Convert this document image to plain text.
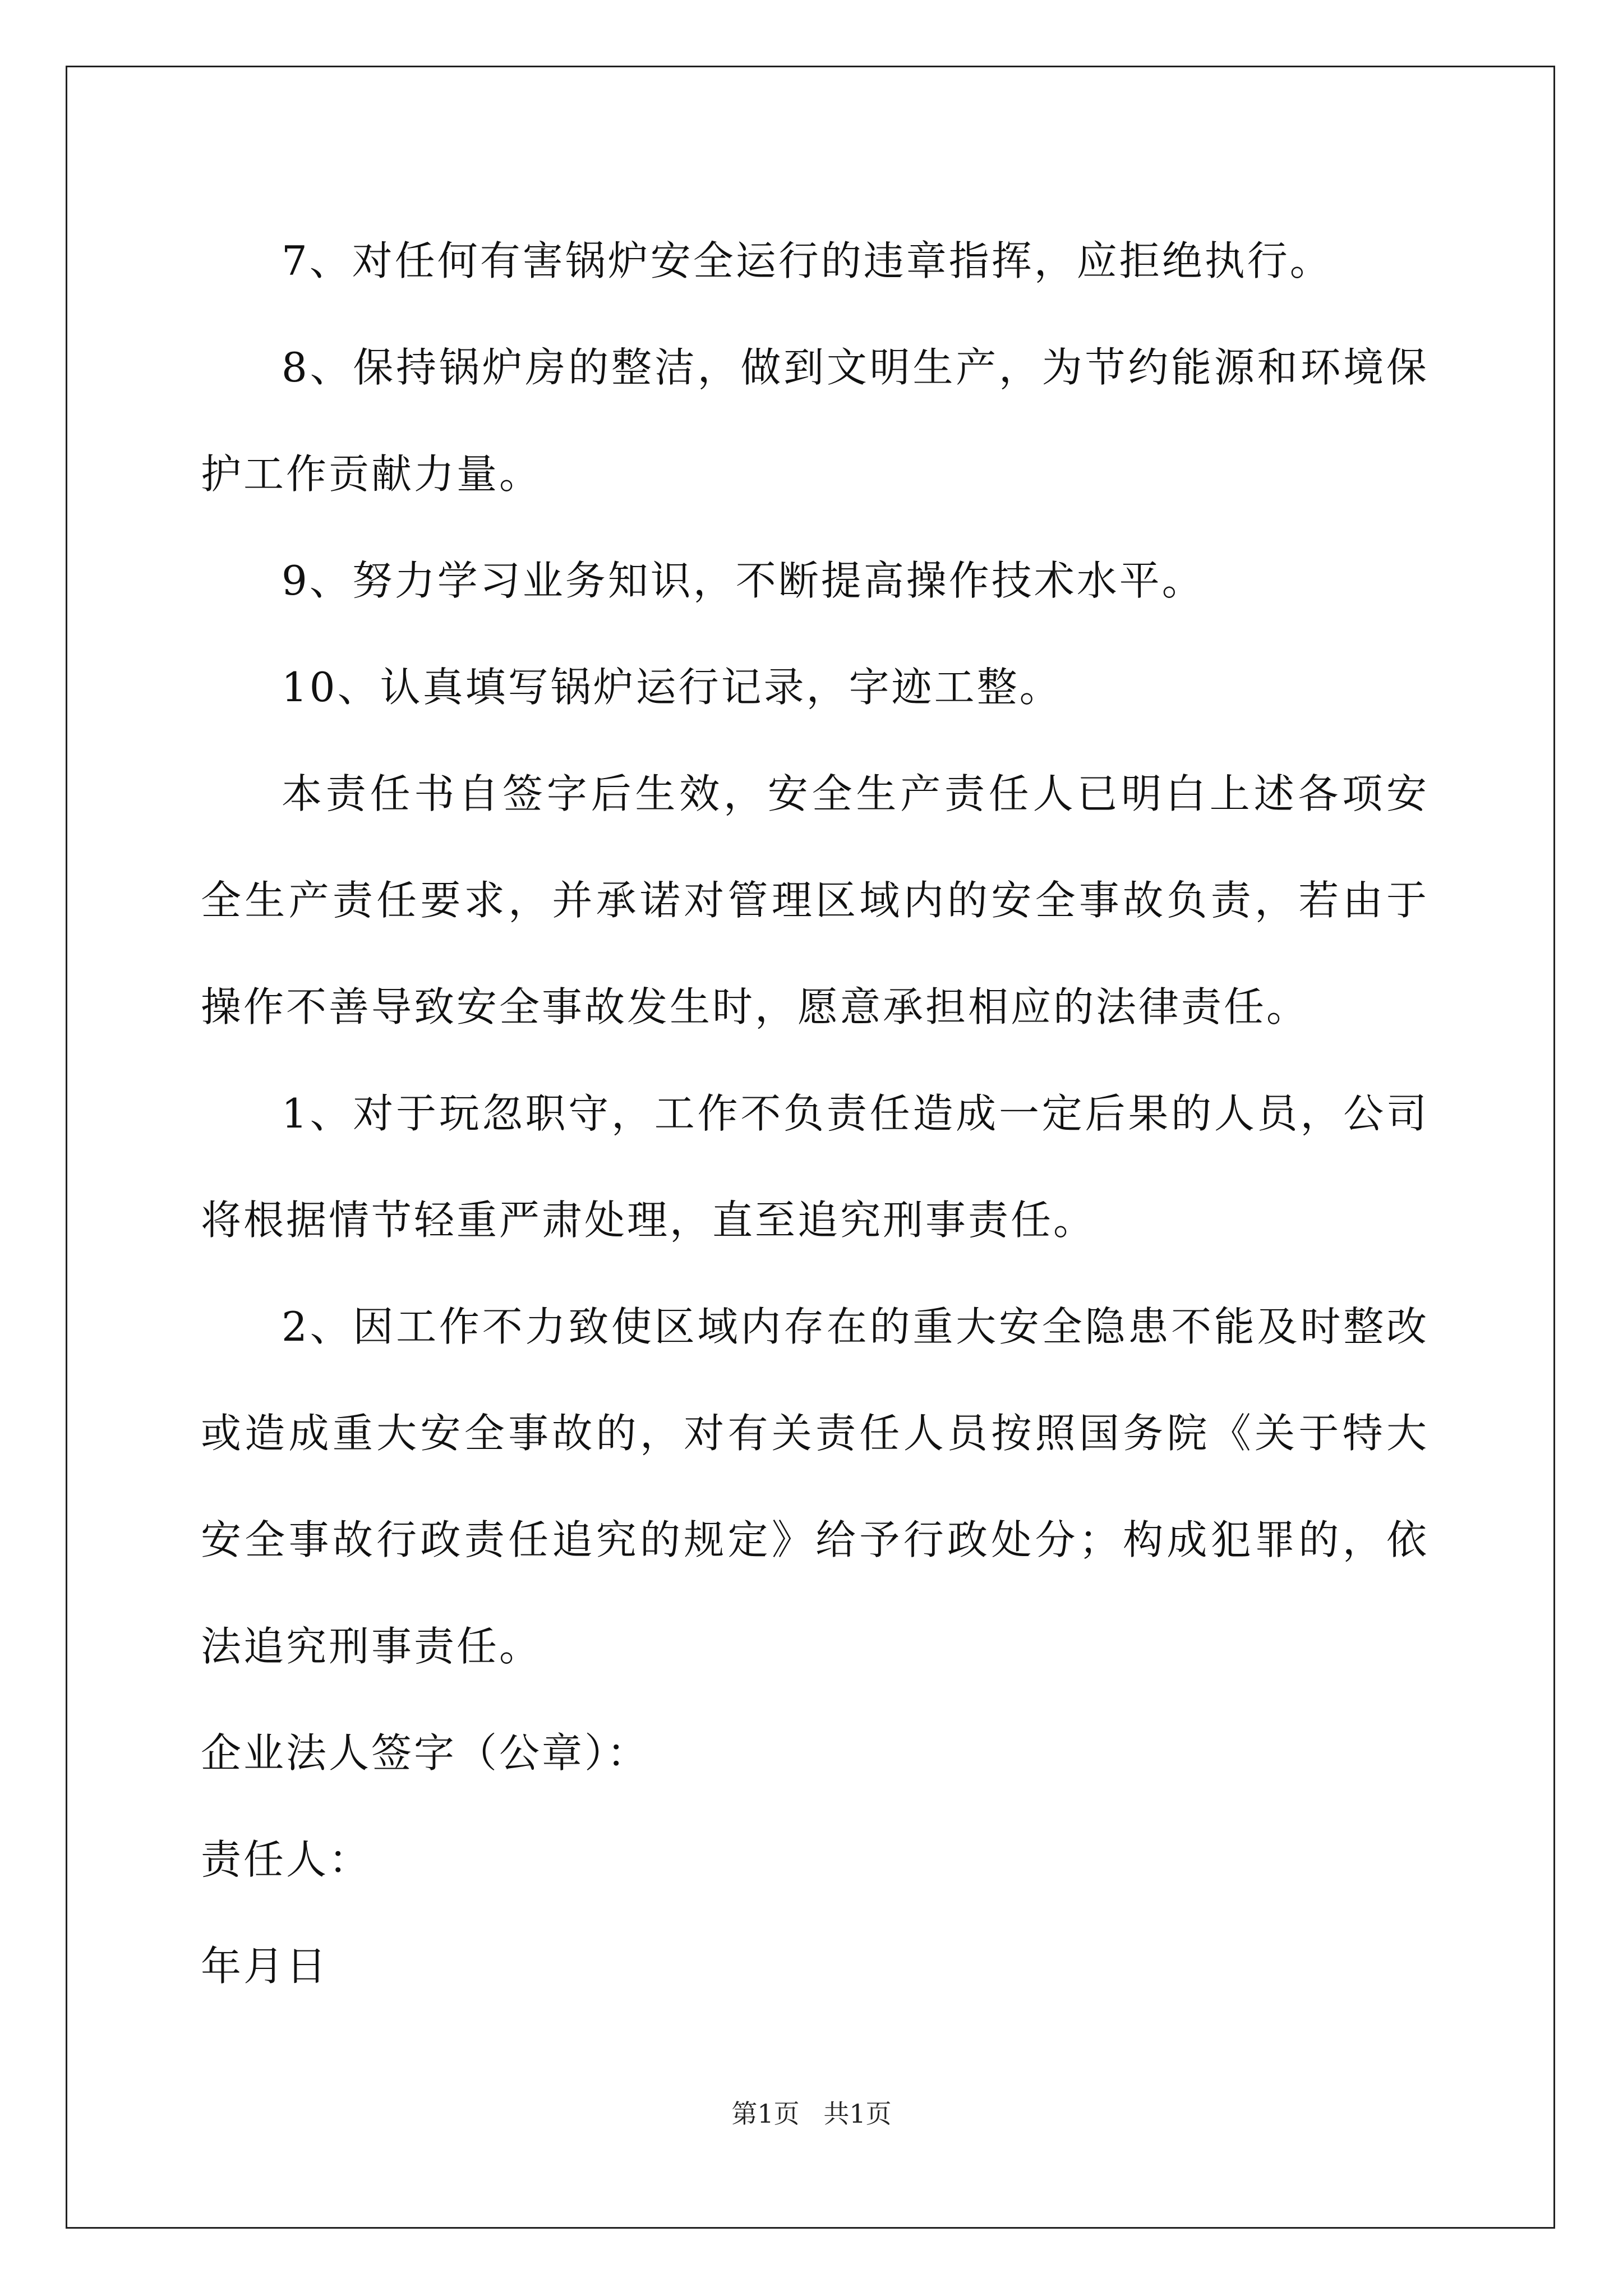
7、对任何有害锅炉安全运行的违章指挥，应拒绝执行。

8、保持锅炉房的整洁，做到文明生产，为节约能源和环境保护工作贡献力量。

9、努力学习业务知识，不断提高操作技术水平。

10、认真填写锅炉运行记录，字迹工整。

本责任书自签字后生效，安全生产责任人已明白上述各项安全生产责任要求，并承诺对管理区域内的安全事故负责，若由于操作不善导致安全事故发生时，愿意承担相应的法律责任。

1、对于玩忽职守，工作不负责任造成一定后果的人员，公司将根据情节轻重严肃处理，直至追究刑事责任。

2、因工作不力致使区域内存在的重大安全隐患不能及时整改或造成重大安全事故的，对有关责任人员按照国务院《关于特大安全事故行政责任追究的规定》给予行政处分；构成犯罪的，依法追究刑事责任。

企业法人签字（公章）：

责任人：

年月日

第1页 共1页
